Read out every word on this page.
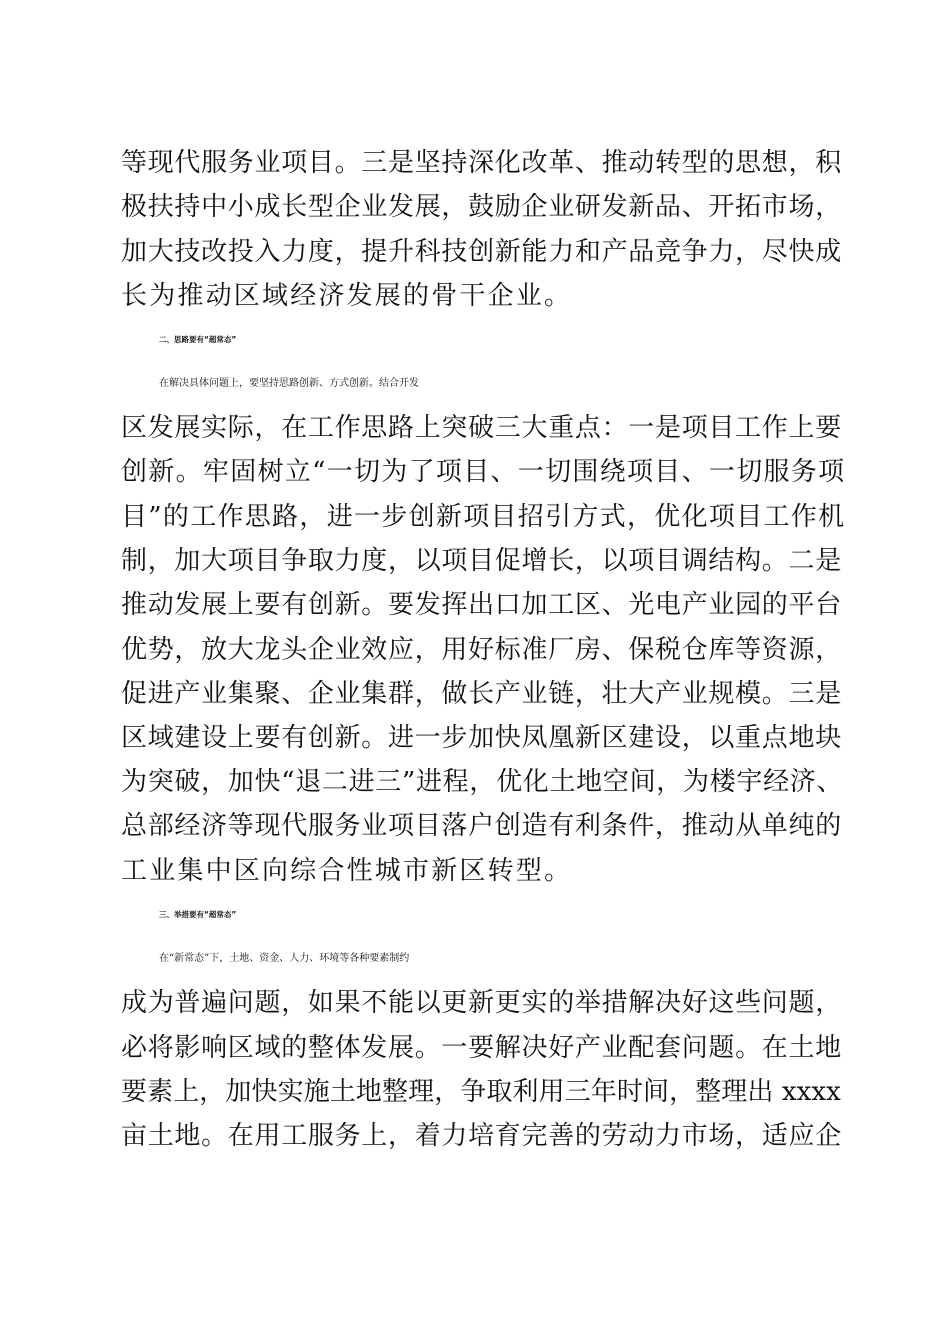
等现代服务业项目。三是坚持深化改革、推动转型的思想，积
极扶持中小成长型企业发展，鼓励企业研发新品、开拓市场，
加大技改投入力度，提升科技创新能力和产品竞争力，尽快成
长为推动区域经济发展的骨干企业。
二、思路要有“超常态”
在解决具体问题上，要坚持思路创新、方式创新。结合开发
区发展实际，在工作思路上突破三大重点：一是项目工作上要
创新。牢固树立“一切为了项目、一切围绕项目、一切服务项
目”的工作思路，进一步创新项目招引方式，优化项目工作机
制，加大项目争取力度，以项目促增长，以项目调结构。二是
推动发展上要有创新。要发挥出口加工区、光电产业园的平台
优势，放大龙头企业效应，用好标准厂房、保税仓库等资源，
促进产业集聚、企业集群，做长产业链，壮大产业规模。三是
区域建设上要有创新。进一步加快凤凰新区建设，以重点地块
为突破，加快“退二进三”进程，优化土地空间，为楼宇经济、
总部经济等现代服务业项目落户创造有利条件，推动从单纯的
工业集中区向综合性城市新区转型。
三、举措要有“超常态”
在“新常态”下，土地、资金、人力、环境等各种要素制约
成为普遍问题，如果不能以更新更实的举措解决好这些问题，
必将影响区域的整体发展。一要解决好产业配套问题。在土地
要素上，加快实施土地整理，争取利用三年时间，整理出 xxxx
亩土地。在用工服务上，着力培育完善的劳动力市场，适应企
